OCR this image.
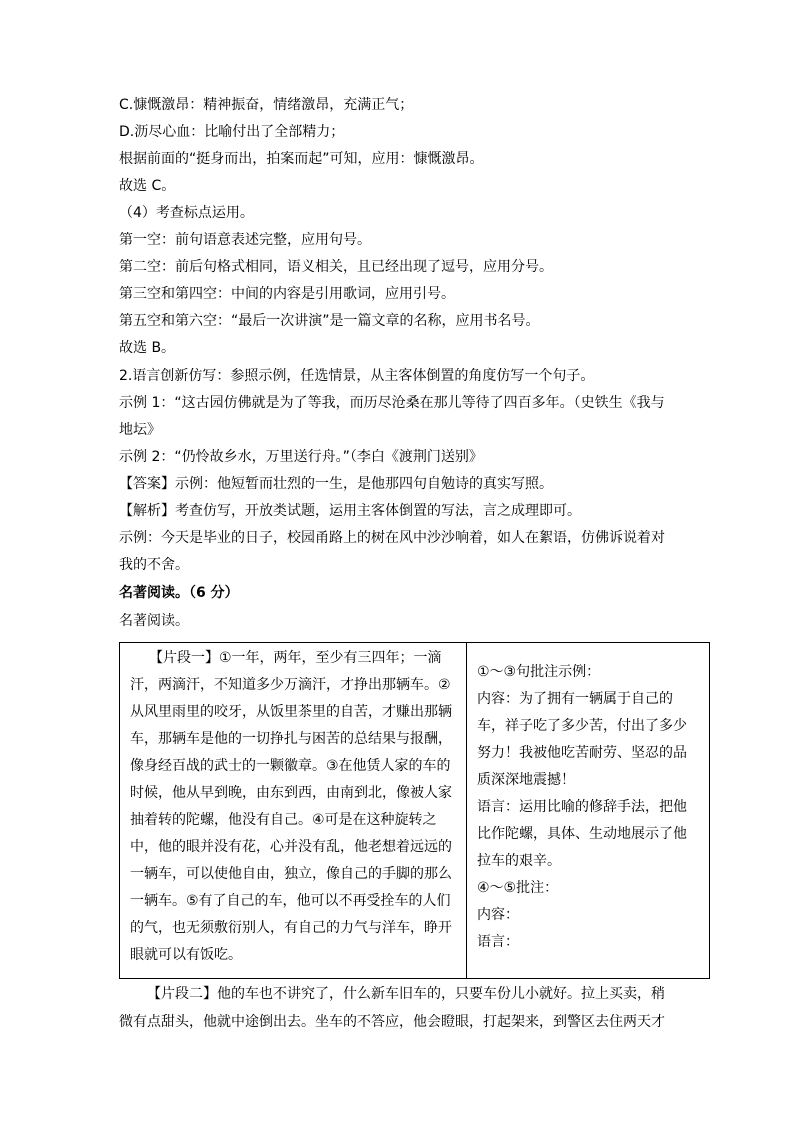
C.慷慨激昂：精神振奋，情绪激昂，充满正气；
D.沥尽心血：比喻付出了全部精力；
根据前面的“挺身而出，拍案而起”可知，应用：慷慨激昂。
故选 C。
（4）考查标点运用。
第一空：前句语意表述完整，应用句号。
第二空：前后句格式相同，语义相关，且已经出现了逗号，应用分号。
第三空和第四空：中间的内容是引用歌词，应用引号。
第五空和第六空：“最后一次讲演”是一篇文章的名称，应用书名号。
故选 B。
2.语言创新仿写：参照示例，任选情景，从主客体倒置的角度仿写一个句子。
示例 1：“这古园仿佛就是为了等我，而历尽沧桑在那儿等待了四百多年。（史铁生《我与
地坛》
示例 2：“仍怜故乡水，万里送行舟。”（李白《渡荆门送别》
【答案】示例：他短暂而壮烈的一生，是他那四句自勉诗的真实写照。
【解析】考查仿写，开放类试题，运用主客体倒置的写法，言之成理即可。
示例：今天是毕业的日子，校园甬路上的树在风中沙沙响着，如人在絮语，仿佛诉说着对
我的不舍。
名著阅读。（6 分）
名著阅读。
【片段一】①一年，两年，至少有三四年；一滴
汗，两滴汗，不知道多少万滴汗，才挣出那辆车。②
从风里雨里的咬牙，从饭里茶里的自苦，才赚出那辆
车，那辆车是他的一切挣扎与困苦的总结果与报酬，
像身经百战的武士的一颗徽章。③在他赁人家的车的
时候，他从早到晚，由东到西，由南到北，像被人家
抽着转的陀螺，他没有自己。④可是在这种旋转之
中，他的眼并没有花，心并没有乱，他老想着远远的
一辆车，可以使他自由，独立，像自己的手脚的那么
一辆车。⑤有了自己的车，他可以不再受拴车的人们
的气，也无须敷衍别人，有自己的力气与洋车，睁开
眼就可以有饭吃。

①～③句批注示例：
内容：为了拥有一辆属于自己的
车，祥子吃了多少苦，付出了多少
努力！我被他吃苦耐劳、坚忍的品
质深深地震撼！
语言：运用比喻的修辞手法，把他
比作陀螺，具体、生动地展示了他
拉车的艰辛。
④～⑤批注：
内容：
语言：
【片段二】他的车也不讲究了，什么新车旧车的，只要车份儿小就好。拉上买卖，稍
微有点甜头，他就中途倒出去。坐车的不答应，他会瞪眼，打起架来，到警区去住两天才
